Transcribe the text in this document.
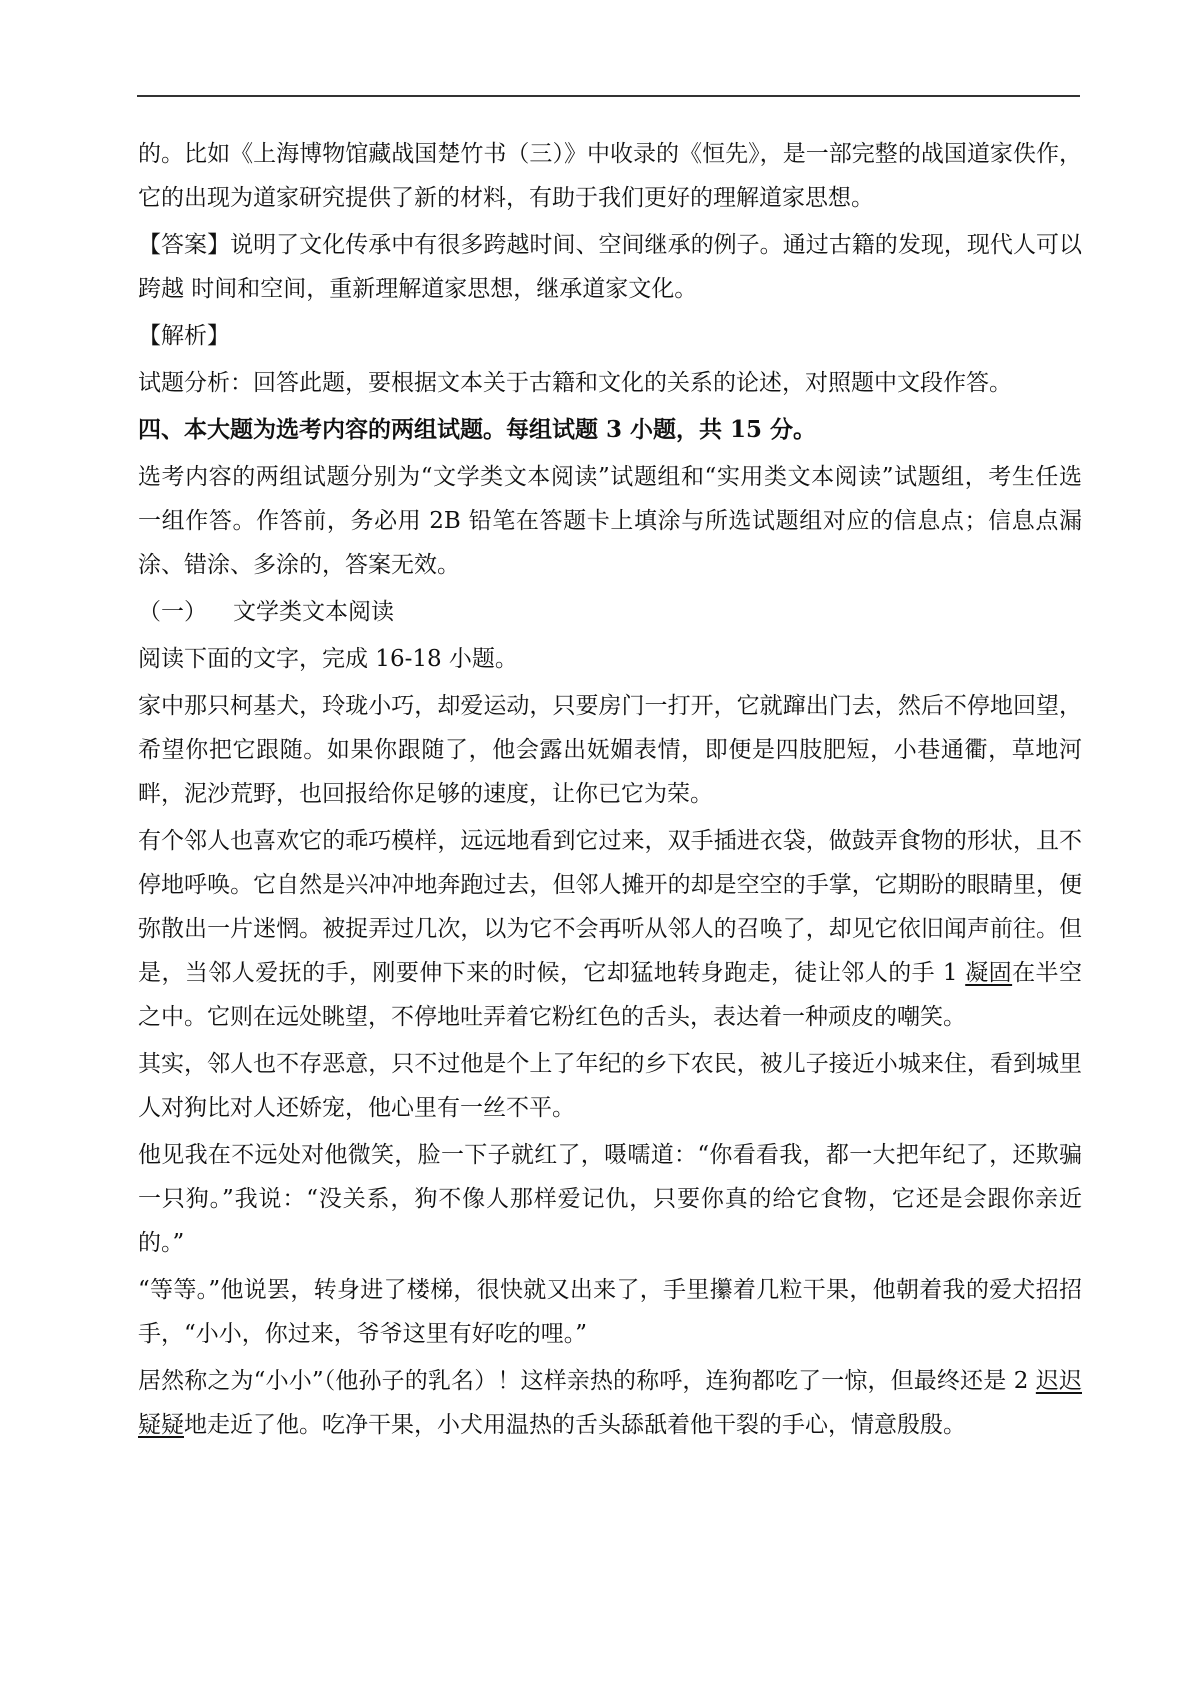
的。比如《上海博物馆藏战国楚竹书（三）》中收录的《恒先》，是一部完整的战国道家佚作，它的出现为道家研究提供了新的材料，有助于我们更好的理解道家思想。

【答案】说明了文化传承中有很多跨越时间、空间继承的例子。通过古籍的发现，现代人可以跨越 时间和空间，重新理解道家思想，继承道家文化。

【解析】

试题分析：回答此题，要根据文本关于古籍和文化的关系的论述，对照题中文段作答。

四、本大题为选考内容的两组试题。每组试题 3 小题，共 15 分。

选考内容的两组试题分别为“文学类文本阅读”试题组和“实用类文本阅读”试题组，考生任选一组作答。作答前，务必用 2B 铅笔在答题卡上填涂与所选试题组对应的信息点；信息点漏涂、错涂、多涂的，答案无效。

（一） 文学类文本阅读

阅读下面的文字，完成 16-18 小题。

家中那只柯基犬，玲珑小巧，却爱运动，只要房门一打开，它就蹿出门去，然后不停地回望，希望你把它跟随。如果你跟随了，他会露出妩媚表情，即便是四肢肥短，小巷通衢，草地河畔，泥沙荒野，也回报给你足够的速度，让你已它为荣。

有个邻人也喜欢它的乖巧模样，远远地看到它过来，双手插进衣袋，做鼓弄食物的形状，且不停地呼唤。它自然是兴冲冲地奔跑过去，但邻人摊开的却是空空的手掌，它期盼的眼睛里，便弥散出一片迷惘。被捉弄过几次，以为它不会再听从邻人的召唤了，却见它依旧闻声前往。但是，当邻人爱抚的手，刚要伸下来的时候，它却猛地转身跑走，徒让邻人的手 1 凝固在半空之中。它则在远处眺望，不停地吐弄着它粉红色的舌头，表达着一种顽皮的嘲笑。

其实，邻人也不存恶意，只不过他是个上了年纪的乡下农民，被儿子接近小城来住，看到城里人对狗比对人还娇宠，他心里有一丝不平。

他见我在不远处对他微笑，脸一下子就红了，嗫嚅道：“你看看我，都一大把年纪了，还欺骗一只狗。”我说：“没关系，狗不像人那样爱记仇，只要你真的给它食物，它还是会跟你亲近的。”

“等等。”他说罢，转身进了楼梯，很快就又出来了，手里攥着几粒干果，他朝着我的爱犬招招手，“小小，你过来，爷爷这里有好吃的哩。”

居然称之为“小小”（他孙子的乳名）！这样亲热的称呼，连狗都吃了一惊，但最终还是 2 迟迟疑疑地走近了他。吃净干果，小犬用温热的舌头舔舐着他干裂的手心，情意殷殷。
